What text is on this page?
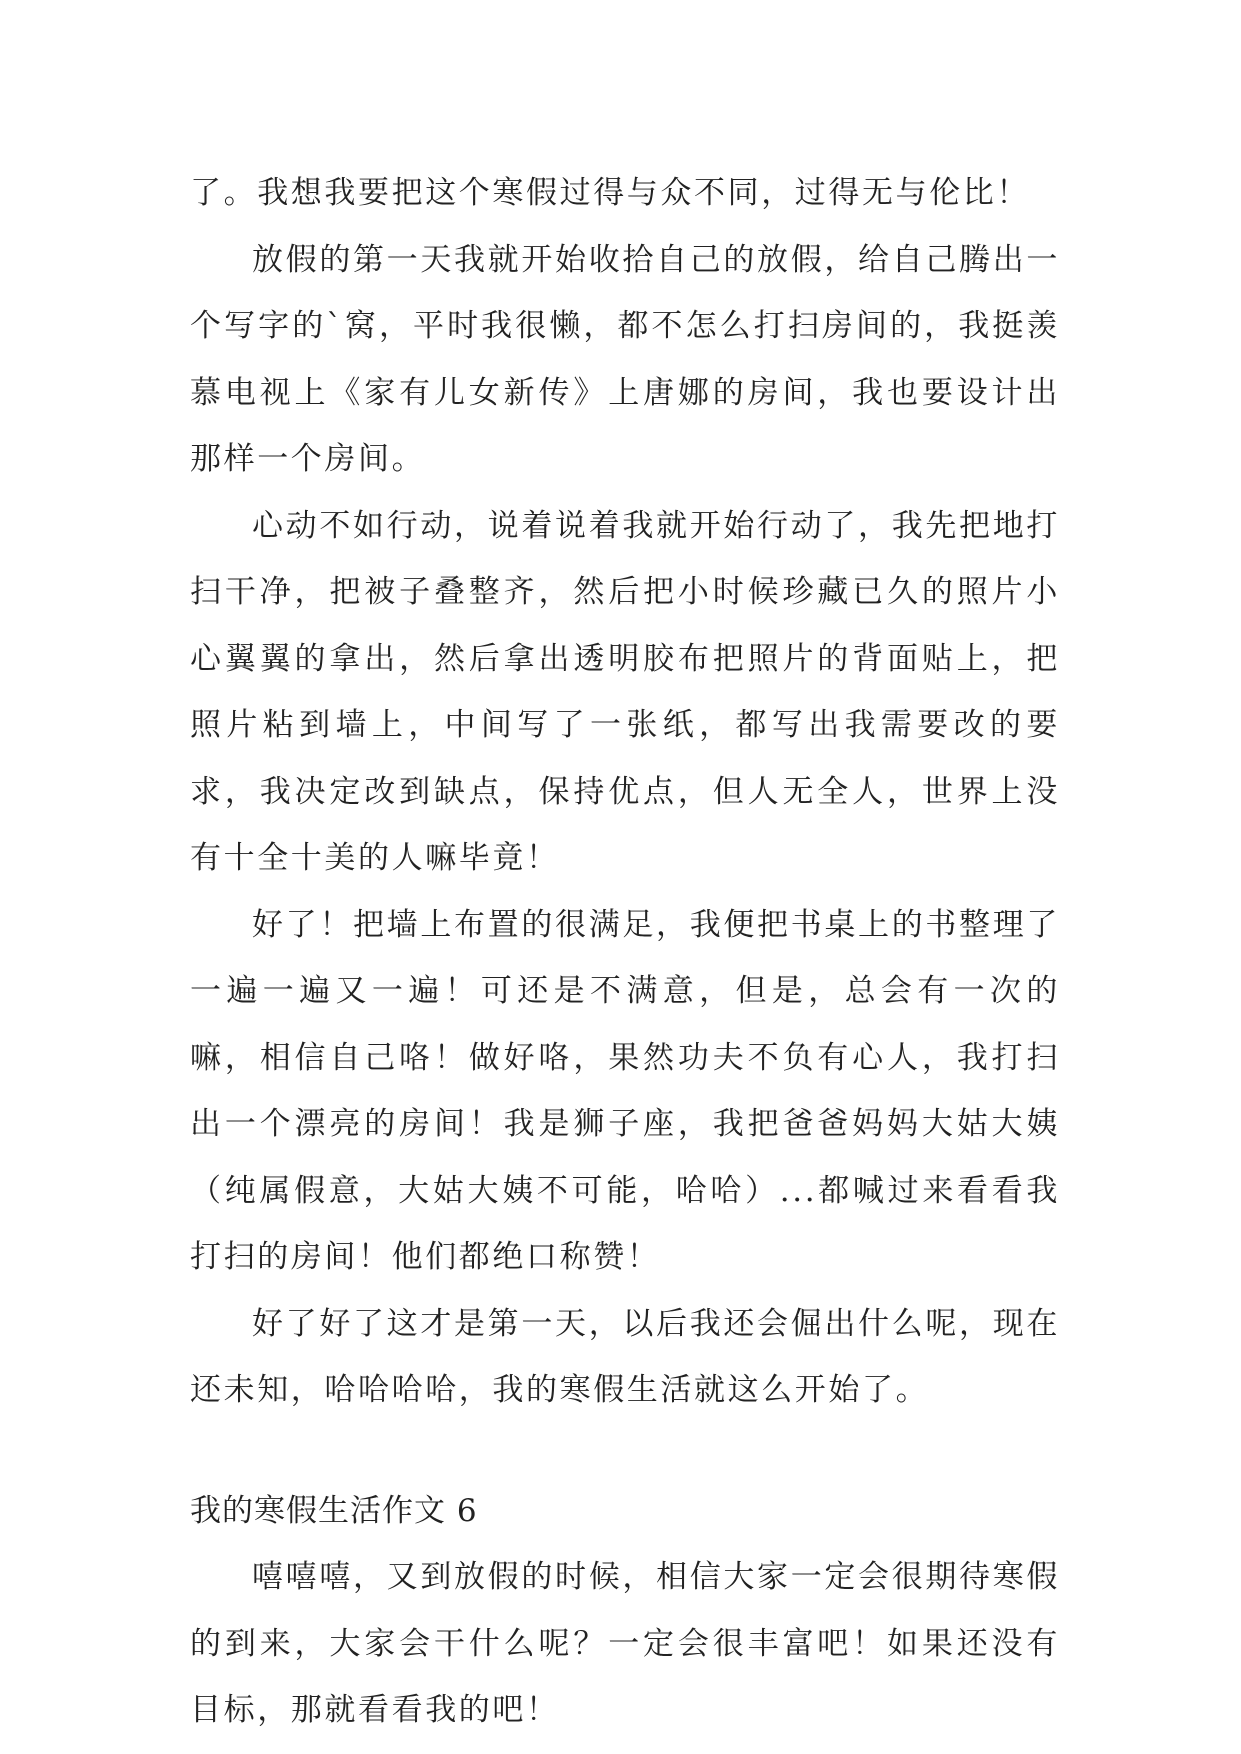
了。我想我要把这个寒假过得与众不同，过得无与伦比！

放假的第一天我就开始收拾自己的放假，给自己腾出一个写字的`窝，平时我很懒，都不怎么打扫房间的，我挺羡慕电视上《家有儿女新传》上唐娜的房间，我也要设计出那样一个房间。

心动不如行动，说着说着我就开始行动了，我先把地打扫干净，把被子叠整齐，然后把小时候珍藏已久的照片小心翼翼的拿出，然后拿出透明胶布把照片的背面贴上，把照片粘到墙上，中间写了一张纸，都写出我需要改的要求，我决定改到缺点，保持优点，但人无全人，世界上没有十全十美的人嘛毕竟！

好了！把墙上布置的很满足，我便把书桌上的书整理了一遍一遍又一遍！可还是不满意，但是，总会有一次的嘛，相信自己咯！做好咯，果然功夫不负有心人，我打扫出一个漂亮的房间！我是狮子座，我把爸爸妈妈大姑大姨（纯属假意，大姑大姨不可能，哈哈）...都喊过来看看我打扫的房间！他们都绝口称赞！

好了好了这才是第一天，以后我还会倔出什么呢，现在还未知，哈哈哈哈，我的寒假生活就这么开始了。

我的寒假生活作文 6

嘻嘻嘻，又到放假的时候，相信大家一定会很期待寒假的到来，大家会干什么呢？一定会很丰富吧！如果还没有目标，那就看看我的吧！
